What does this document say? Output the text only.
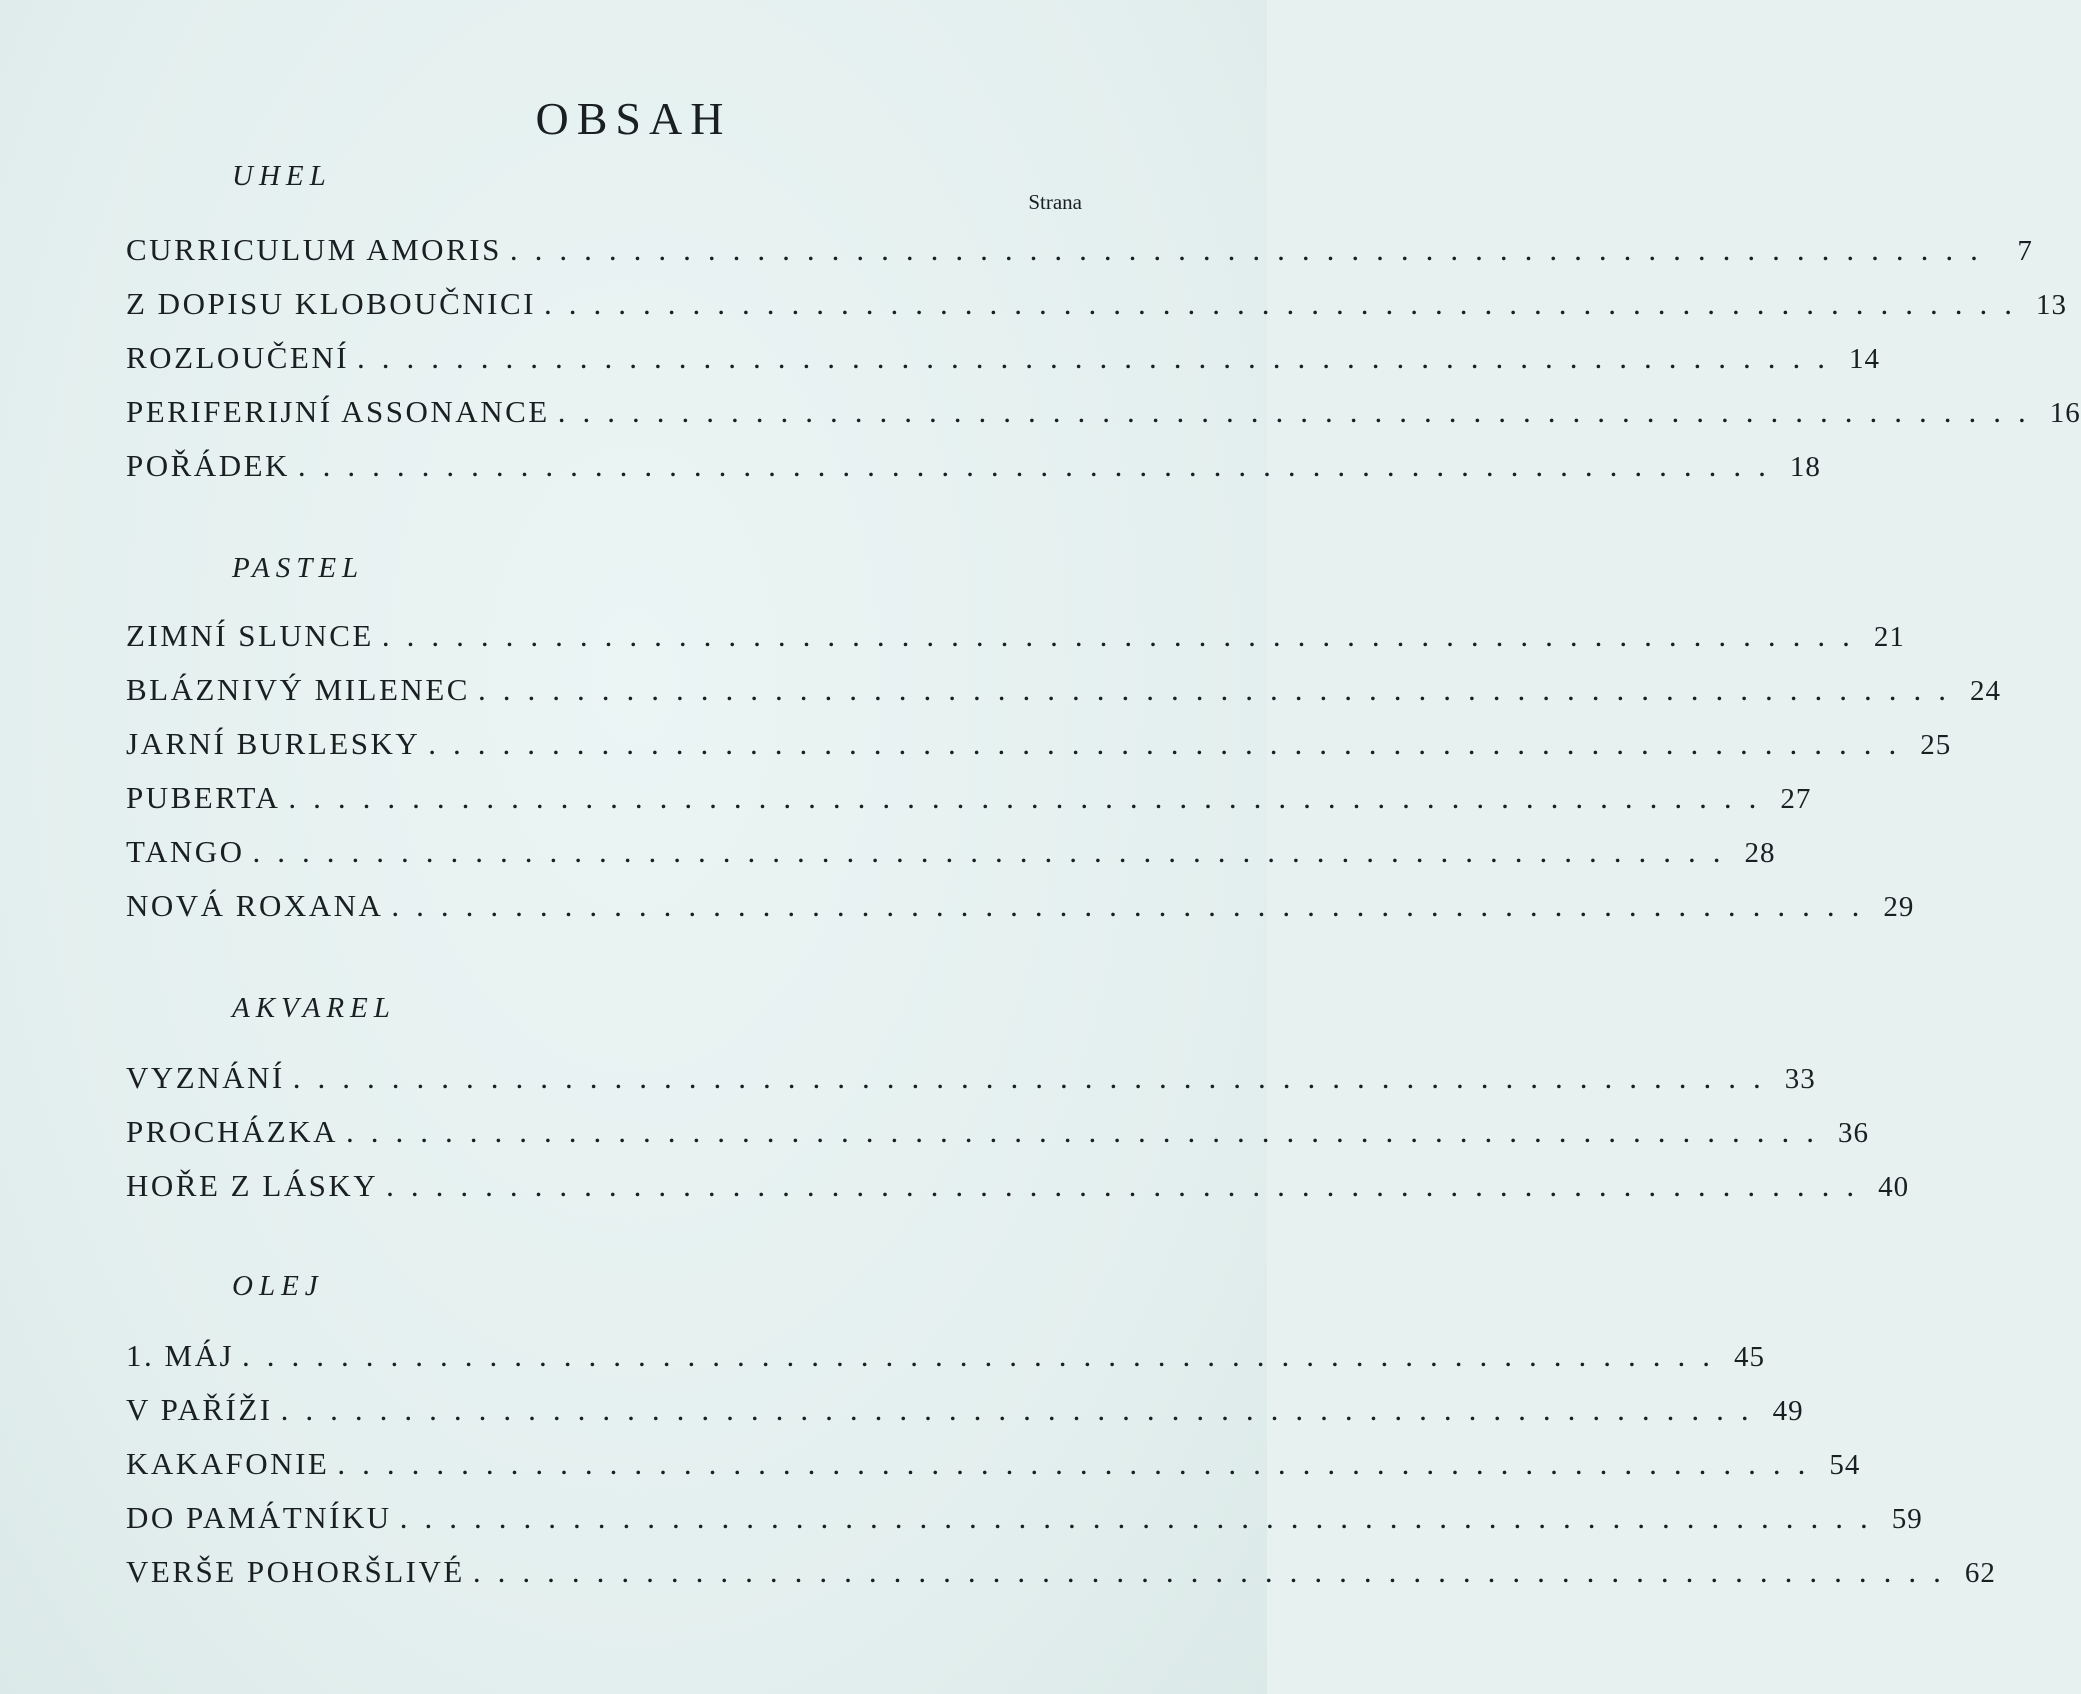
OBSAH
Strana
UHEL
CURRICULUM AMORIS ............................................................ 7
Z DOPISU KLOBOUČNICI ............................................................ 13
ROZLOUČENÍ ............................................................ 14
PERIFERIJNÍ ASSONANCE ............................................................ 16
POŘÁDEK ............................................................ 18
PASTEL
ZIMNÍ SLUNCE ............................................................ 21
BLÁZNIVÝ MILENEC ............................................................ 24
JARNÍ BURLESKY ............................................................ 25
PUBERTA ............................................................ 27
TANGO ............................................................ 28
NOVÁ ROXANA ............................................................ 29
AKVAREL
VYZNÁNÍ ............................................................ 33
PROCHÁZKA ............................................................ 36
HOŘE Z LÁSKY ............................................................ 40
OLEJ
1. MÁJ ............................................................ 45
V PAŘÍŽI ............................................................ 49
KAKAFONIE ............................................................ 54
DO PAMÁTNÍKU ............................................................ 59
VERŠE POHORŠLIVÉ ............................................................ 62
